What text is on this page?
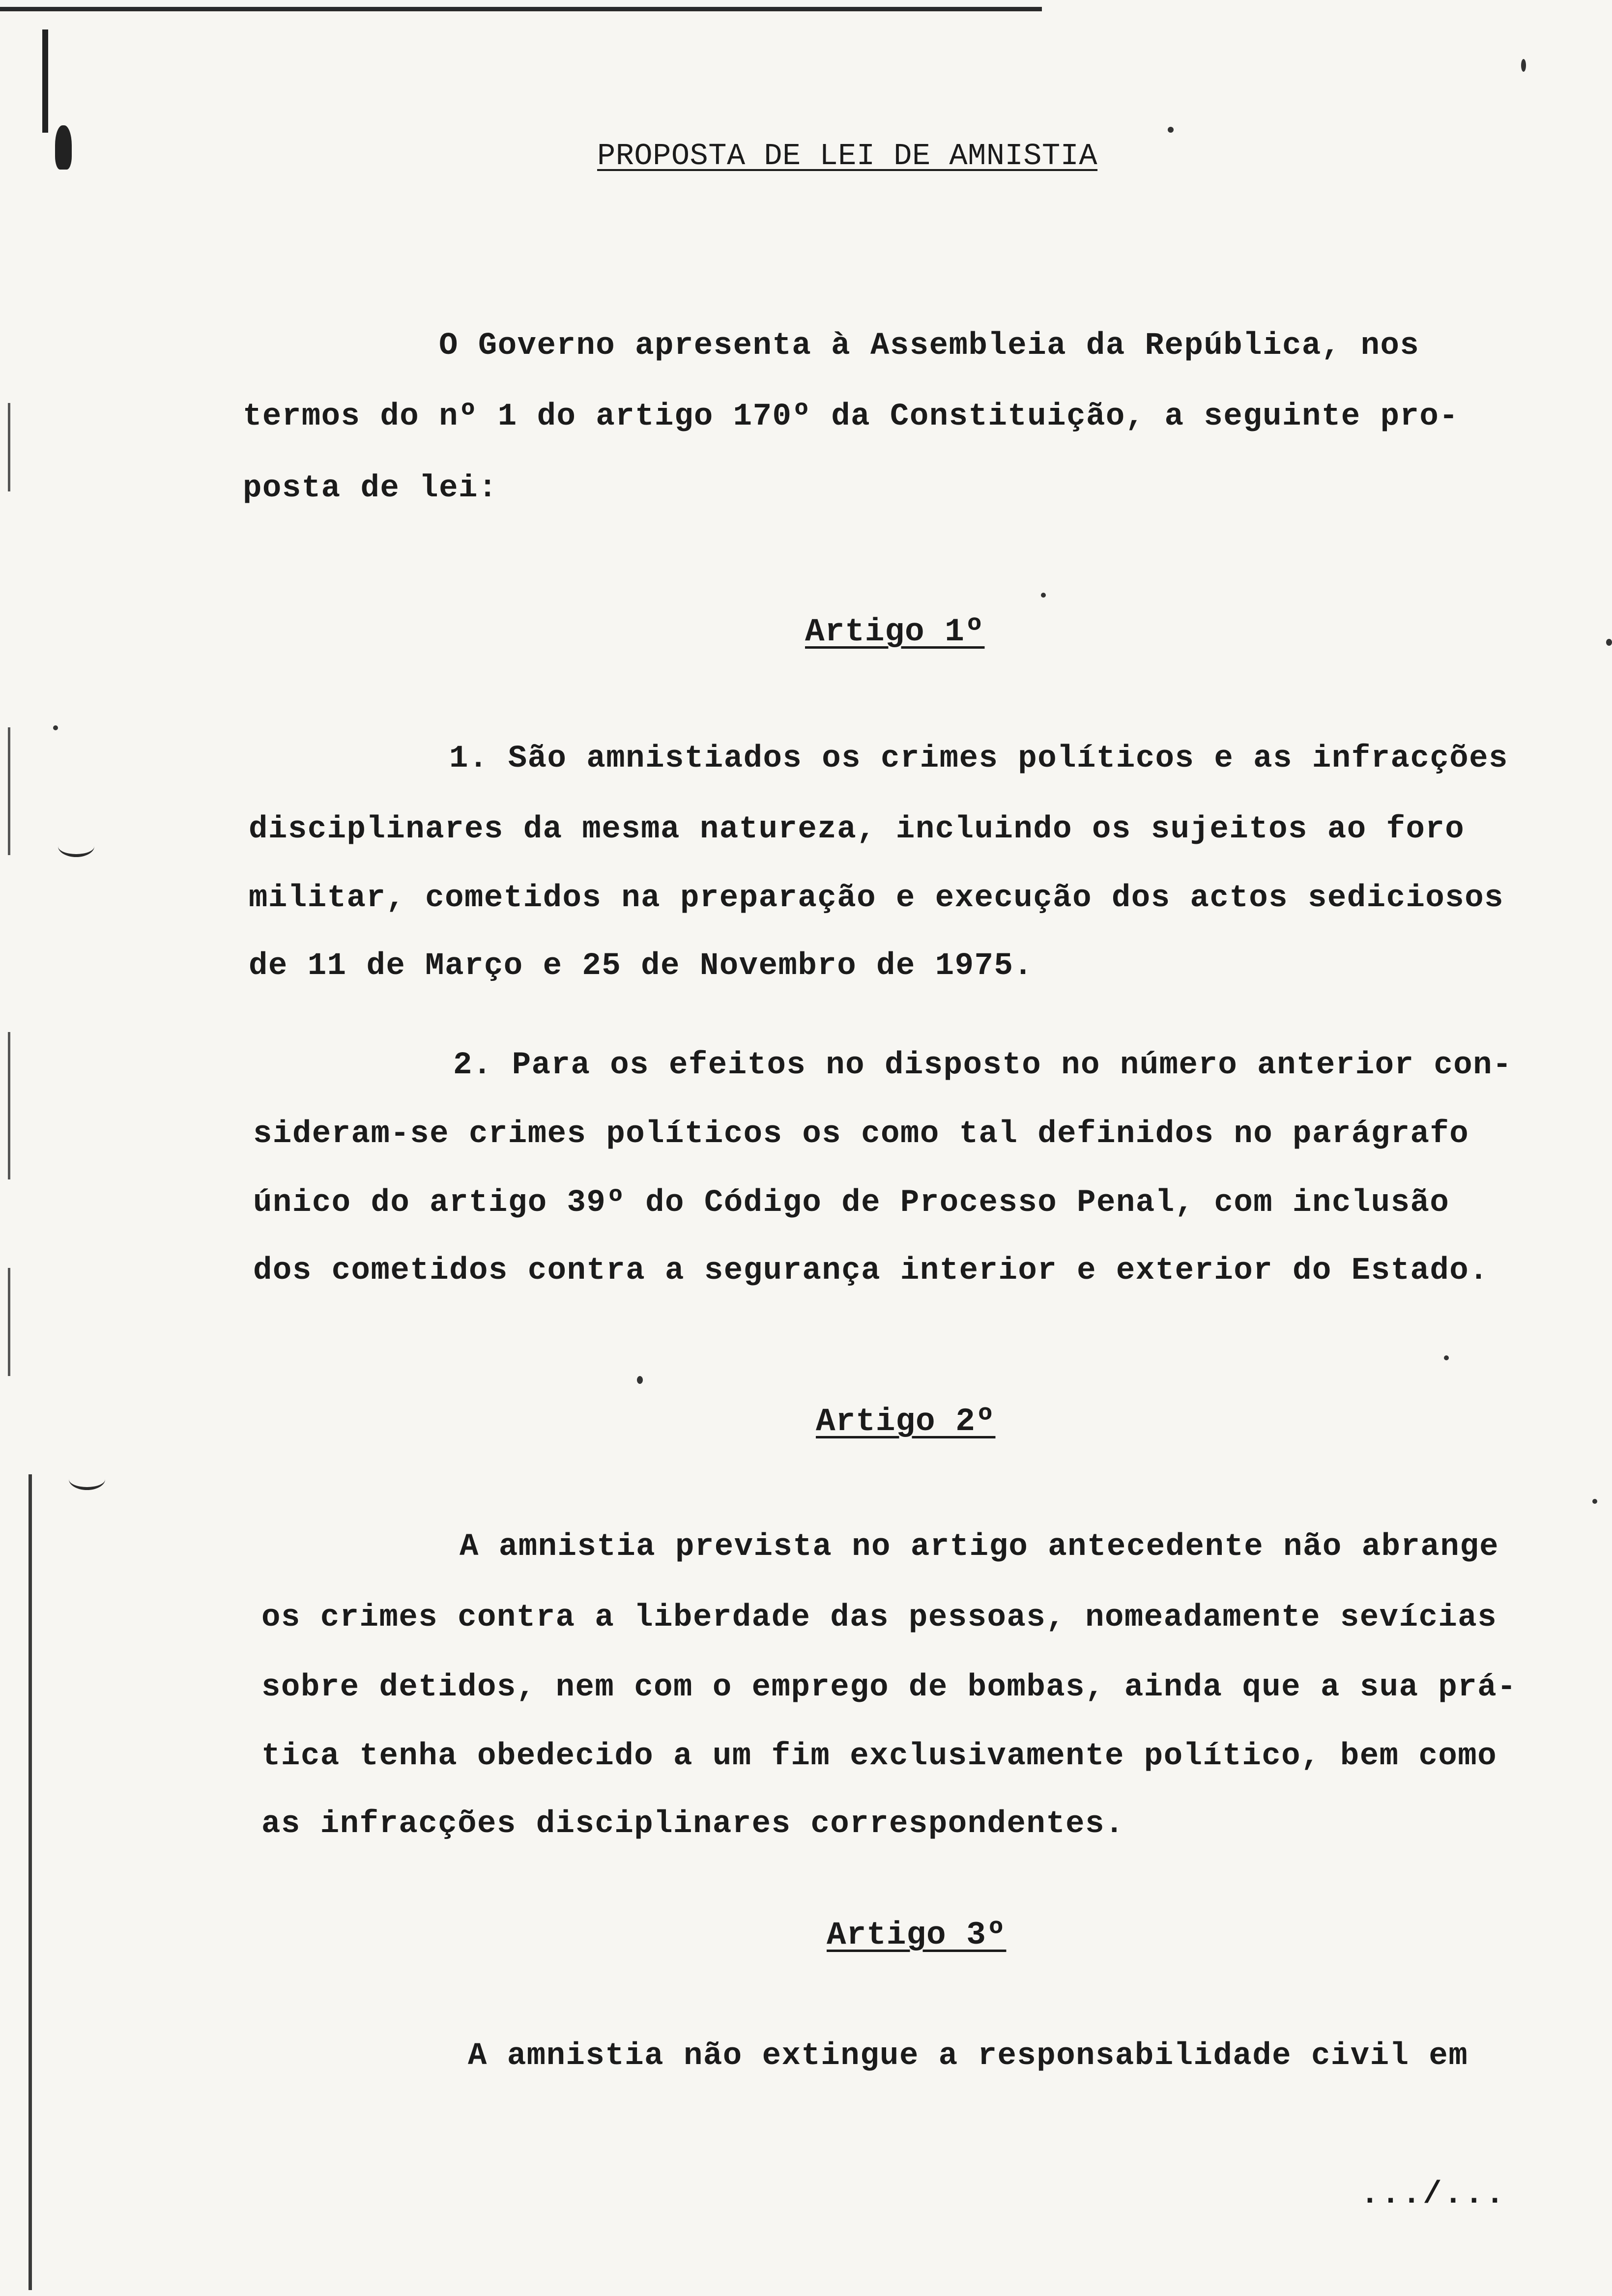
PROPOSTA DE LEI DE AMNISTIA
O Governo apresenta à Assembleia da República, nos
termos do nº 1 do artigo 170º da Constituição, a seguinte pro-
posta de lei:
Artigo 1º
1. São amnistiados os crimes políticos e as infracções
disciplinares da mesma natureza, incluindo os sujeitos ao foro
militar, cometidos na preparação e execução dos actos sediciosos
de 11 de Março e 25 de Novembro de 1975.
2. Para os efeitos no disposto no número anterior con-
sideram-se crimes políticos os como tal definidos no parágrafo
único do artigo 39º do Código de Processo Penal, com inclusão
dos cometidos contra a segurança interior e exterior do Estado.
Artigo 2º
A amnistia prevista no artigo antecedente não abrange
os crimes contra a liberdade das pessoas, nomeadamente sevícias
sobre detidos, nem com o emprego de bombas, ainda que a sua prá-
tica tenha obedecido a um fim exclusivamente político, bem como
as infracções disciplinares correspondentes.
Artigo 3º
A amnistia não extingue a responsabilidade civil em
.../...
